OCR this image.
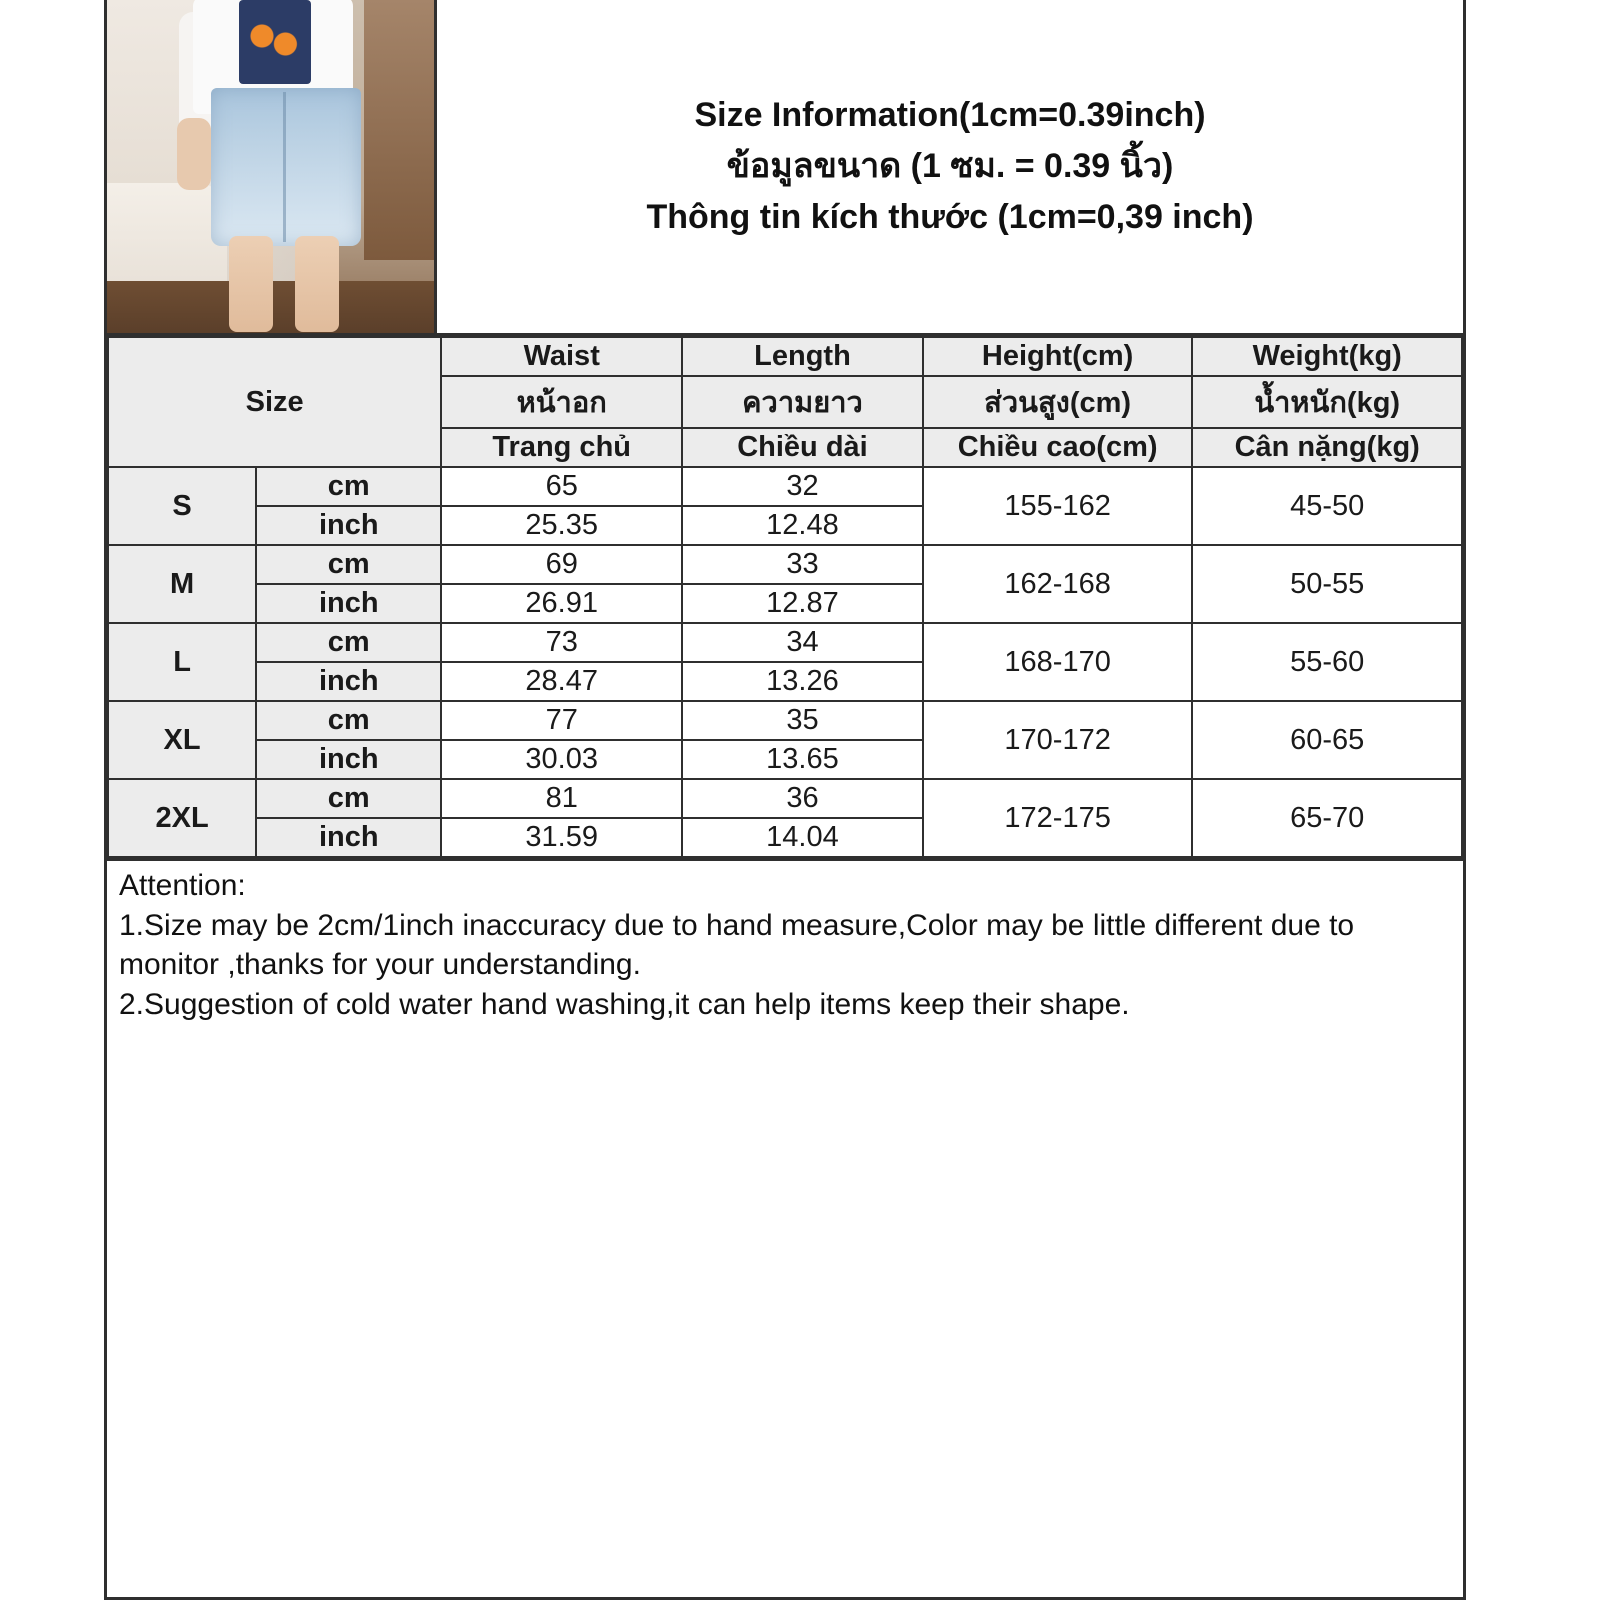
Size Information(1cm=0.39inch)
ข้อมูลขนาด (1 ซม. = 0.39 นิ้ว)
Thông tin kích thước (1cm=0,39 inch)
Size		Waist	Length	Height(cm)	Weight(kg)
		หน้าอก	ความยาว	ส่วนสูง(cm)	น้ำหนัก(kg)
		Trang chủ	Chiều dài	Chiều cao(cm)	Cân nặng(kg)
S	cm	65	32	155-162	45-50
	inch	25.35	12.48		
M	cm	69	33	162-168	50-55
	inch	26.91	12.87		
L	cm	73	34	168-170	55-60
	inch	28.47	13.26		
XL	cm	77	35	170-172	60-65
	inch	30.03	13.65		
2XL	cm	81	36	172-175	65-70
	inch	31.59	14.04		

Attention:

1.Size may be 2cm/1inch inaccuracy due to hand measure,Color may be little different due to monitor ,thanks for your understanding.

2.Suggestion of cold water hand washing,it can help items keep their shape.
